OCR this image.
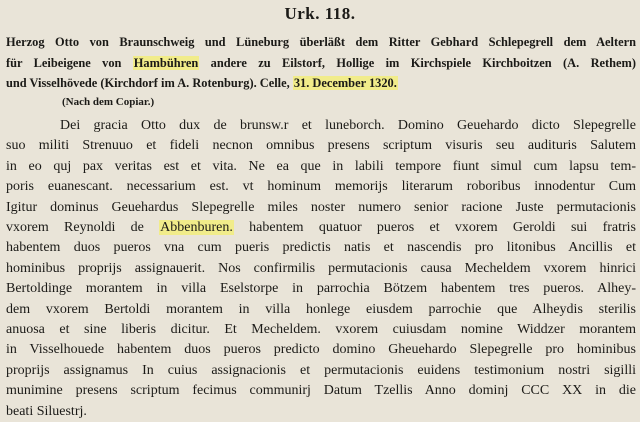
Urk. 118.
Herzog Otto von Braunschweig und Lüneburg überläßt dem Ritter Gebhard Schlepegrell dem Aeltern
für Leibeigene von Hambühren andere zu Eilstorf, Hollige im Kirchspiele Kirchboitzen (A. Rethem)
und Visselhövede (Kirchdorf im A. Rotenburg). Celle, 31. December 1320.
(Nach dem Copiar.)
Dei gracia Otto dux de brunsw.r et luneborch. Domino Geuehardo dicto Slepegrelle
suo militi Strenuuo et fideli necnon omnibus presens scriptum visuris seu audituris Salutem
in eo quj pax veritas est et vita. Ne ea que in labili tempore fiunt simul cum lapsu tem-
poris euanescant. necessarium est. vt hominum memorijs literarum roboribus innodentur Cum
Igitur dominus Geuehardus Slepegrelle miles noster numero senior racione Juste permutacionis
vxorem Reynoldi de Abbenburen. habentem quatuor pueros et vxorem Geroldi sui fratris
habentem duos pueros vna cum pueris predictis natis et nascendis pro litonibus Ancillis et
hominibus proprijs assignauerit. Nos confirmilis permutacionis causa Mecheldem vxorem hinrici
Bertoldinge morantem in villa Eselstorpe in parrochia Bötzem habentem tres pueros. Alhey-
dem vxorem Bertoldi morantem in villa honlege eiusdem parrochie que Alheydis sterilis
anuosa et sine liberis dicitur. Et Mecheldem. vxorem cuiusdam nomine Widdzer morantem
in Visselhouede habentem duos pueros predicto domino Gheuehardo Slepegrelle pro hominibus
proprijs assignamus In cuius assignacionis et permutacionis euidens testimonium nostri sigilli
munimine presens scriptum fecimus communirj Datum Tzellis Anno dominj CCC XX in die
beati Siluestrj.
